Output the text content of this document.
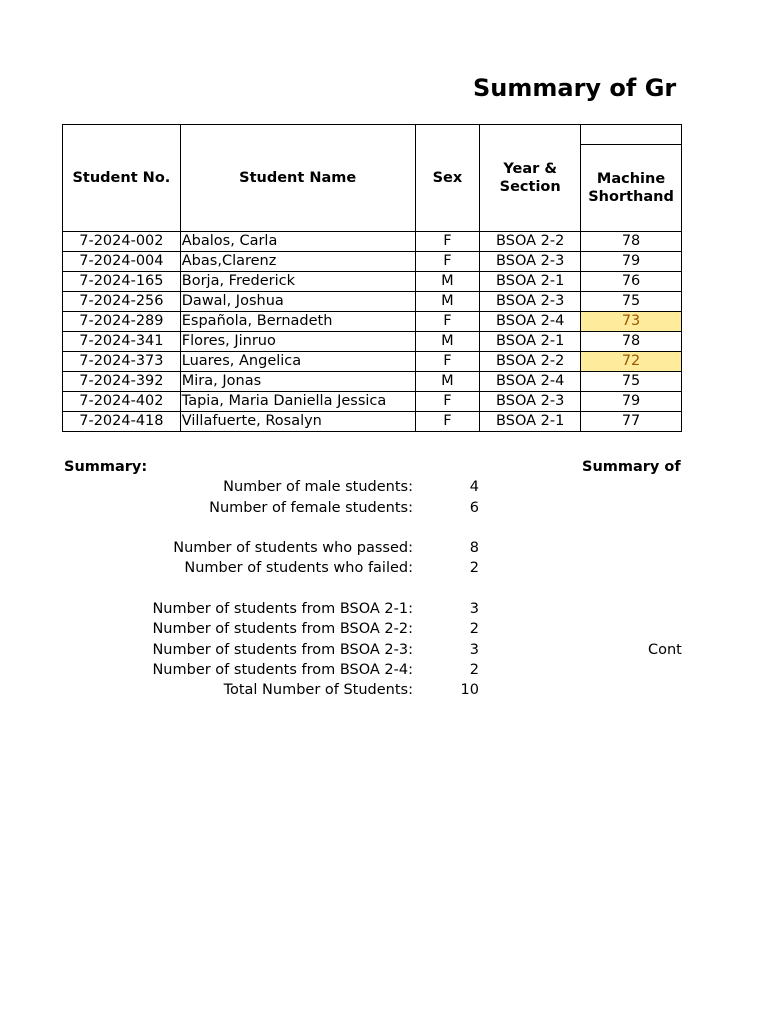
Summary of Gr
Student No.	Student Name	Sex	Year & Section	
				Machine Shorthand
7-2024-002	Abalos, Carla	F	BSOA 2-2	78
7-2024-004	Abas,Clarenz	F	BSOA 2-3	79
7-2024-165	Borja, Frederick	M	BSOA 2-1	76
7-2024-256	Dawal, Joshua	M	BSOA 2-3	75
7-2024-289	Española, Bernadeth	F	BSOA 2-4	73
7-2024-341	Flores, Jinruo	M	BSOA 2-1	78
7-2024-373	Luares, Angelica	F	BSOA 2-2	72
7-2024-392	Mira, Jonas	M	BSOA 2-4	75
7-2024-402	Tapia, Maria Daniella Jessica	F	BSOA 2-3	79
7-2024-418	Villafuerte, Rosalyn	F	BSOA 2-1	77
Summary:
Number of male students:	4
Number of female students:	6
Number of students who passed:	8
Number of students who failed:	2
Number of students from BSOA 2-1:	3
Number of students from BSOA 2-2:	2
Number of students from BSOA 2-3:	3
Number of students from BSOA 2-4:	2
Total Number of Students:	10
Summary of
Cont
